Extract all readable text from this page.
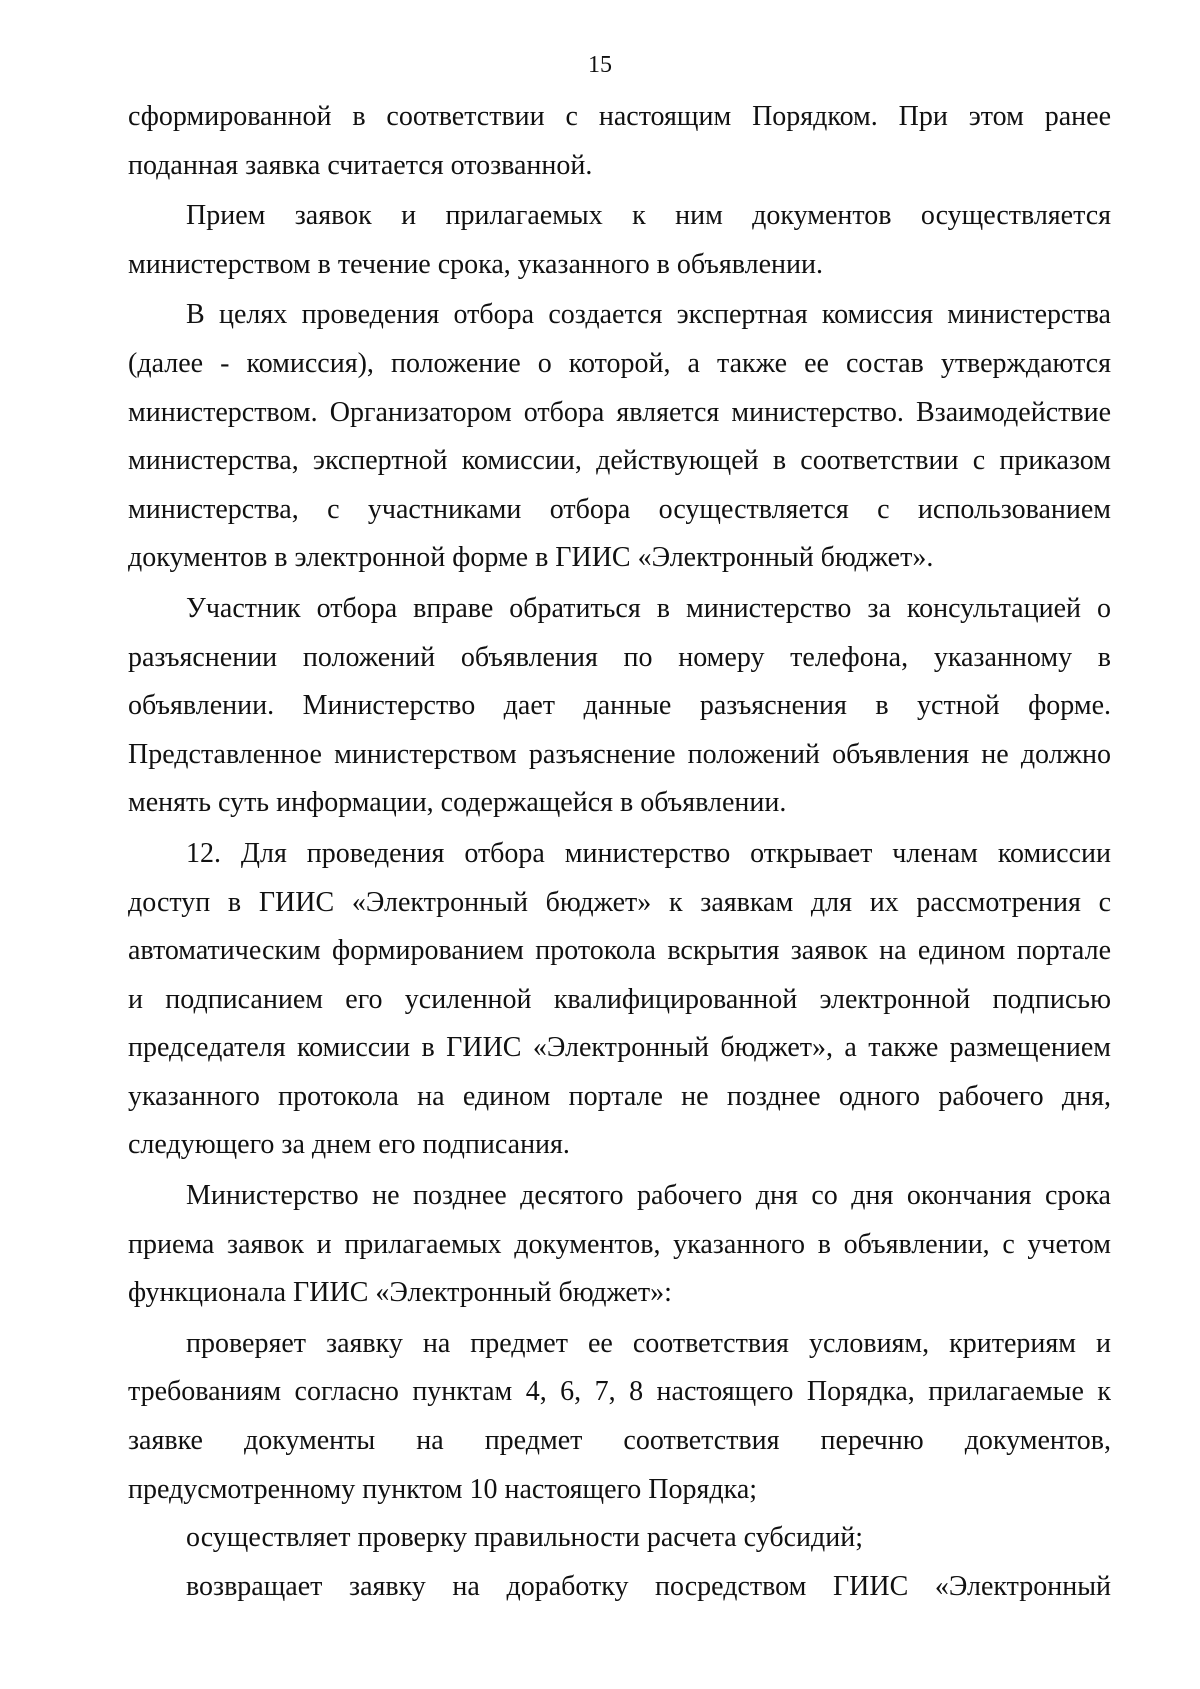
15

сформированной в соответствии с настоящим Порядком. При этом ранее

поданная заявка считается отозванной.

Прием заявок и прилагаемых к ним документов осуществляется

министерством в течение срока, указанного в объявлении.

В целях проведения отбора создается экспертная комиссия министерства

(далее - комиссия), положение о которой, а также ее состав утверждаются

министерством. Организатором отбора является министерство. Взаимодействие

министерства, экспертной комиссии, действующей в соответствии с приказом

министерства, с участниками отбора осуществляется с использованием

документов в электронной форме в ГИИС «Электронный бюджет».

Участник отбора вправе обратиться в министерство за консультацией о

разъяснении положений объявления по номеру телефона, указанному в

объявлении. Министерство дает данные разъяснения в устной форме.

Представленное министерством разъяснение положений объявления не должно

менять суть информации, содержащейся в объявлении.

12. Для проведения отбора министерство открывает членам комиссии

доступ в ГИИС «Электронный бюджет» к заявкам для их рассмотрения с

автоматическим формированием протокола вскрытия заявок на едином портале

и подписанием его усиленной квалифицированной электронной подписью

председателя комиссии в ГИИС «Электронный бюджет», а также размещением

указанного протокола на едином портале не позднее одного рабочего дня,

следующего за днем его подписания.

Министерство не позднее десятого рабочего дня со дня окончания срока

приема заявок и прилагаемых документов, указанного в объявлении, с учетом

функционала ГИИС «Электронный бюджет»:

проверяет заявку на предмет ее соответствия условиям, критериям и

требованиям согласно пунктам 4, 6, 7, 8 настоящего Порядка, прилагаемые к

заявке документы на предмет соответствия перечню документов,

предусмотренному пунктом 10 настоящего Порядка;

осуществляет проверку правильности расчета субсидий;

возвращает заявку на доработку посредством ГИИС «Электронный
